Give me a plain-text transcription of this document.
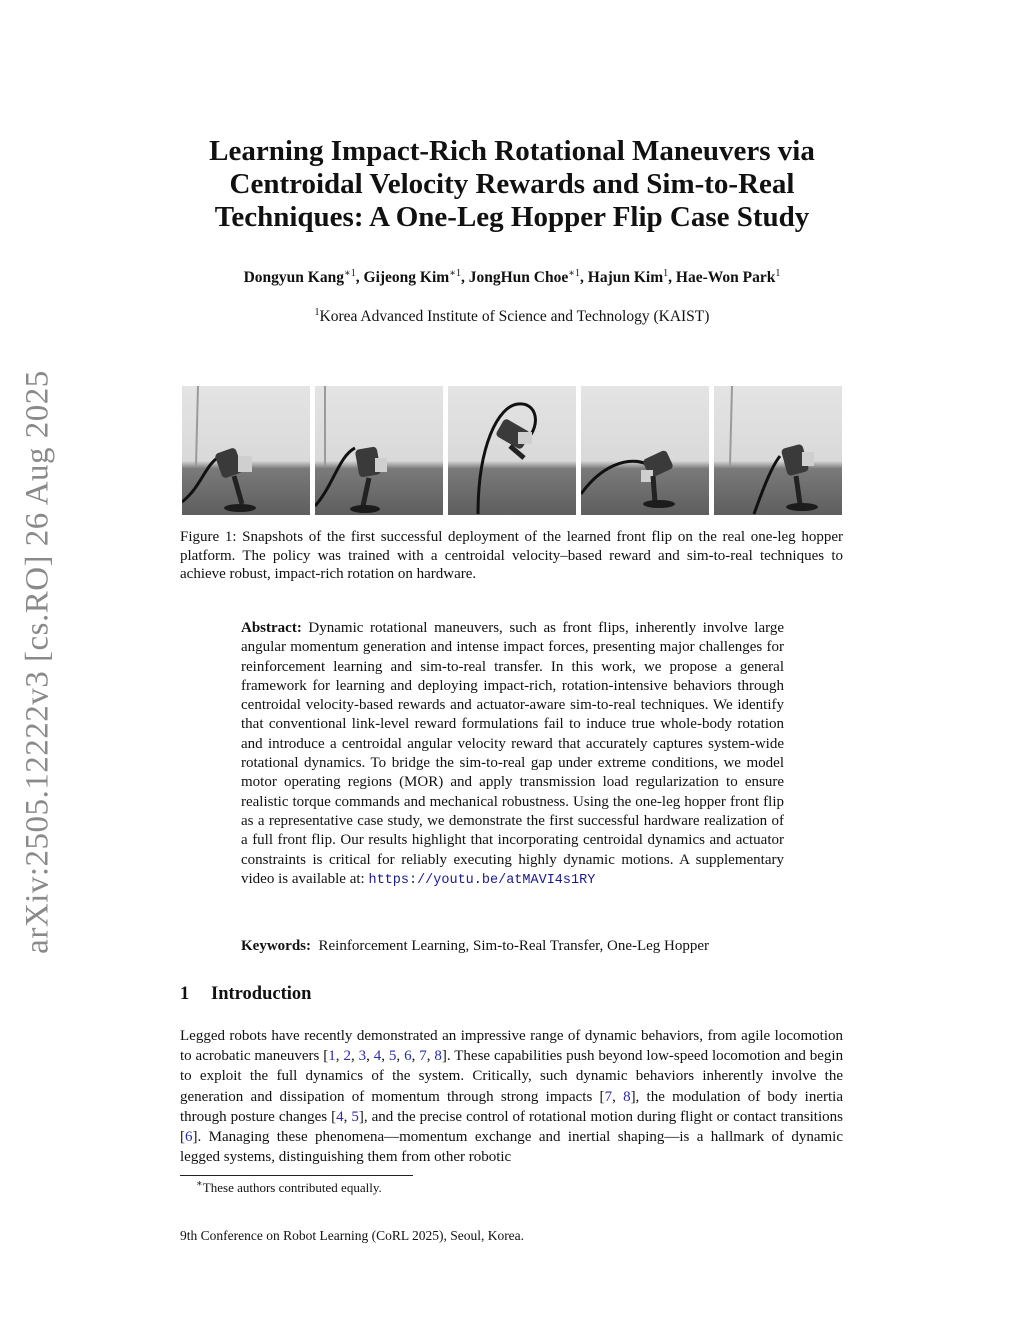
arXiv:2505.12222v3 [cs.RO] 26 Aug 2025
Learning Impact-Rich Rotational Maneuvers via
Centroidal Velocity Rewards and Sim-to-Real
Techniques: A One-Leg Hopper Flip Case Study
Dongyun Kang$^{∗1}$, Gijeong Kim$^{∗1}$, JongHun Choe$^{∗1}$, Hajun Kim$^1$, Hae-Won Park$^1$
$^1$Korea Advanced Institute of Science and Technology (KAIST)
Figure 1: Snapshots of the first successful deployment of the learned front flip on the real one-leg hopper platform. The policy was trained with a centroidal velocity–based reward and sim-to-real techniques to achieve robust, impact-rich rotation on hardware.
Abstract: Dynamic rotational maneuvers, such as front flips, inherently involve large angular momentum generation and intense impact forces, presenting major challenges for reinforcement learning and sim-to-real transfer. In this work, we propose a general framework for learning and deploying impact-rich, rotation-intensive behaviors through centroidal velocity-based rewards and actuator-aware sim-to-real techniques. We identify that conventional link-level reward formulations fail to induce true whole-body rotation and introduce a centroidal angular velocity reward that accurately captures system-wide rotational dynamics. To bridge the sim-to-real gap under extreme conditions, we model motor operating regions (MOR) and apply transmission load regularization to ensure realistic torque commands and mechanical robustness. Using the one-leg hopper front flip as a representative case study, we demonstrate the first successful hardware realization of a full front flip. Our results highlight that incorporating centroidal dynamics and actuator constraints is critical for reliably executing highly dynamic motions. A supplementary video is available at: https://youtu.be/atMAVI4s1RY
Keywords: Reinforcement Learning, Sim-to-Real Transfer, One-Leg Hopper
1 Introduction
Legged robots have recently demonstrated an impressive range of dynamic behaviors, from agile locomotion to acrobatic maneuvers [1, 2, 3, 4, 5, 6, 7, 8]. These capabilities push beyond low-speed locomotion and begin to exploit the full dynamics of the system. Critically, such dynamic behaviors inherently involve the generation and dissipation of momentum through strong impacts [7, 8], the modulation of body inertia through posture changes [4, 5], and the precise control of rotational motion during flight or contact transitions [6]. Managing these phenomena—momentum exchange and inertial shaping—is a hallmark of dynamic legged systems, distinguishing them from other robotic
∗These authors contributed equally.
9th Conference on Robot Learning (CoRL 2025), Seoul, Korea.
